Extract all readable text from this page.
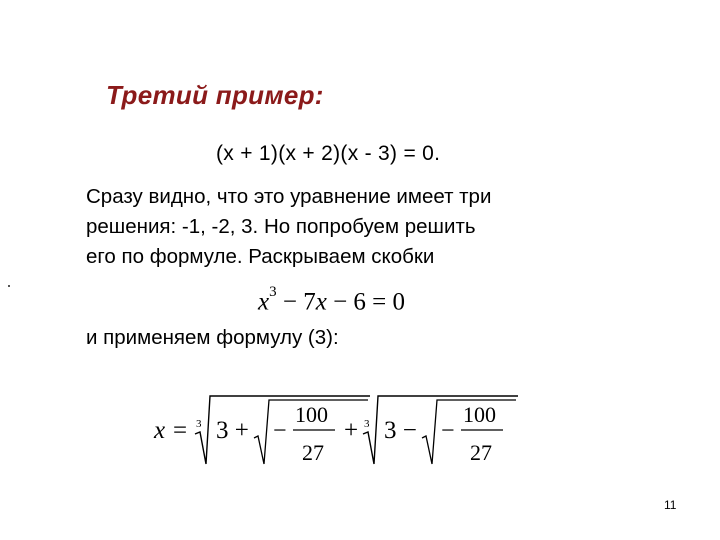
Третий пример:
(x + 1)(x + 2)(x - 3) = 0.
Сразу видно, что это уравнение имеет три
решения: -1, -2, 3. Но попробуем решить
его по формуле. Раскрываем скобки
$x^3 - 7x - 6 = 0$
и применяем формулу (3):
x = 3 3 + −
100
27
+ 3 3 − −
100
27
11
